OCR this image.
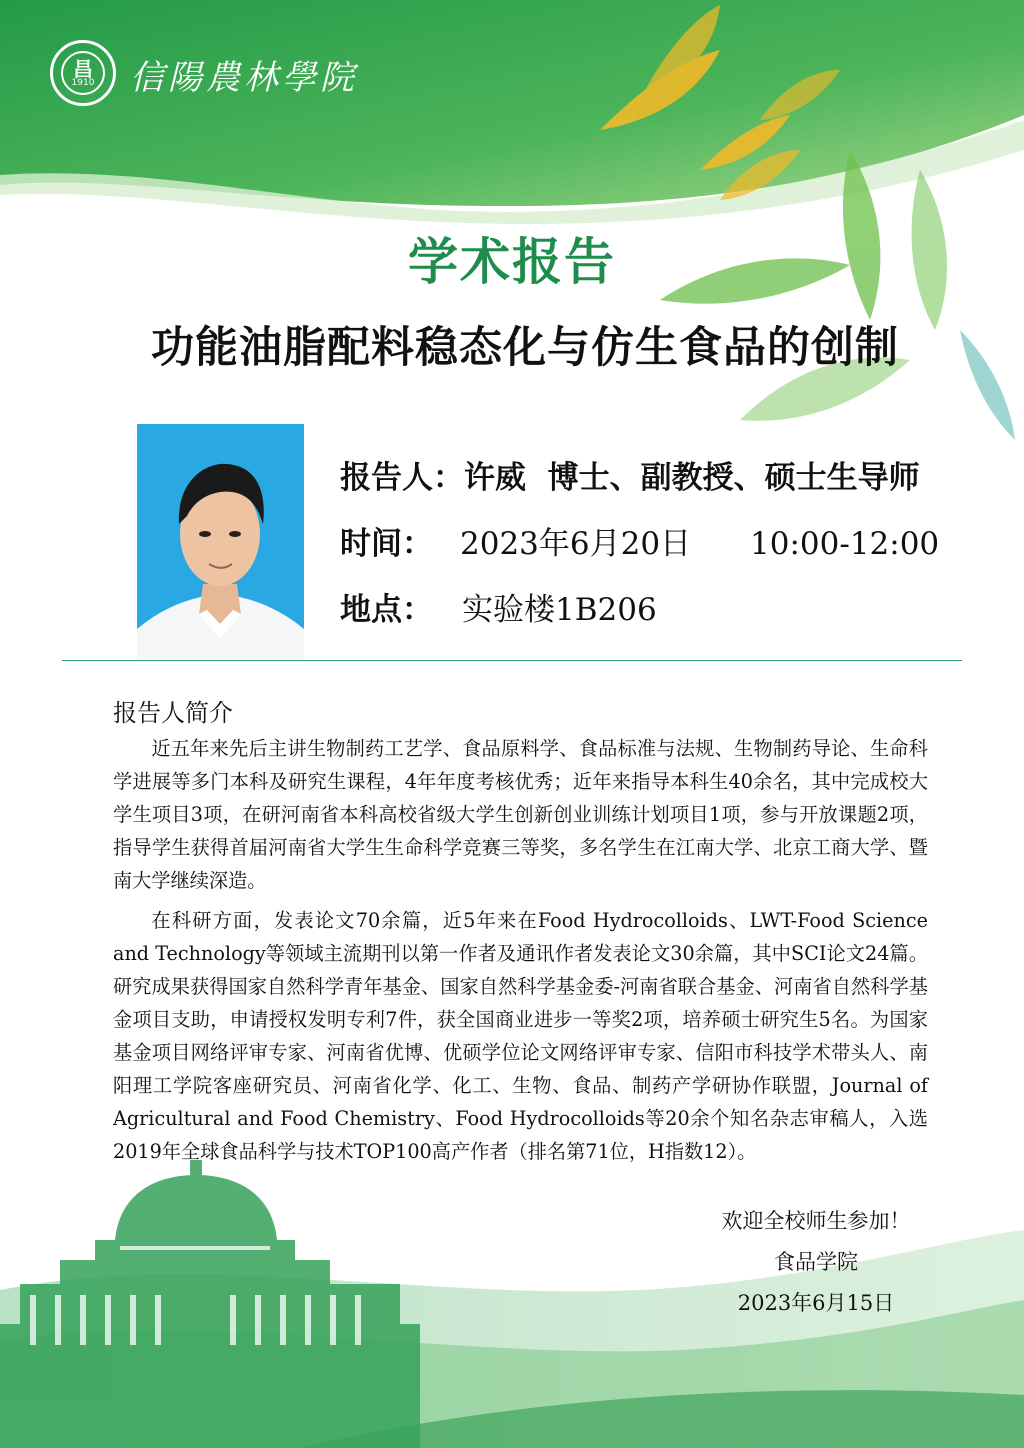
昌
1910 信陽農林學院
学术报告
功能油脂配料稳态化与仿生食品的创制
报告人：许威  博士、副教授、硕士生导师
时间： 2023年6月20日 10:00-12:00
地点： 实验楼1B206
报告人简介

近五年来先后主讲生物制药工艺学、食品原料学、食品标准与法规、生物制药导论、生命科学进展等多门本科及研究生课程，4年年度考核优秀；近年来指导本科生40余名，其中完成校大学生项目3项，在研河南省本科高校省级大学生创新创业训练计划项目1项，参与开放课题2项，指导学生获得首届河南省大学生生命科学竞赛三等奖，多名学生在江南大学、北京工商大学、暨南大学继续深造。

在科研方面，发表论文70余篇，近5年来在Food Hydrocolloids、LWT-Food Science and Technology等领域主流期刊以第一作者及通讯作者发表论文30余篇，其中SCI论文24篇。研究成果获得国家自然科学青年基金、国家自然科学基金委-河南省联合基金、河南省自然科学基金项目支助，申请授权发明专利7件，获全国商业进步一等奖2项，培养硕士研究生5名。为国家基金项目网络评审专家、河南省优博、优硕学位论文网络评审专家、信阳市科技学术带头人、南阳理工学院客座研究员、河南省化学、化工、生物、食品、制药产学研协作联盟，Journal of Agricultural and Food Chemistry、Food Hydrocolloids等20余个知名杂志审稿人，入选2019年全球食品科学与技术TOP100高产作者（排名第71位，H指数12）。

欢迎全校师生参加！
食品学院
2023年6月15日
